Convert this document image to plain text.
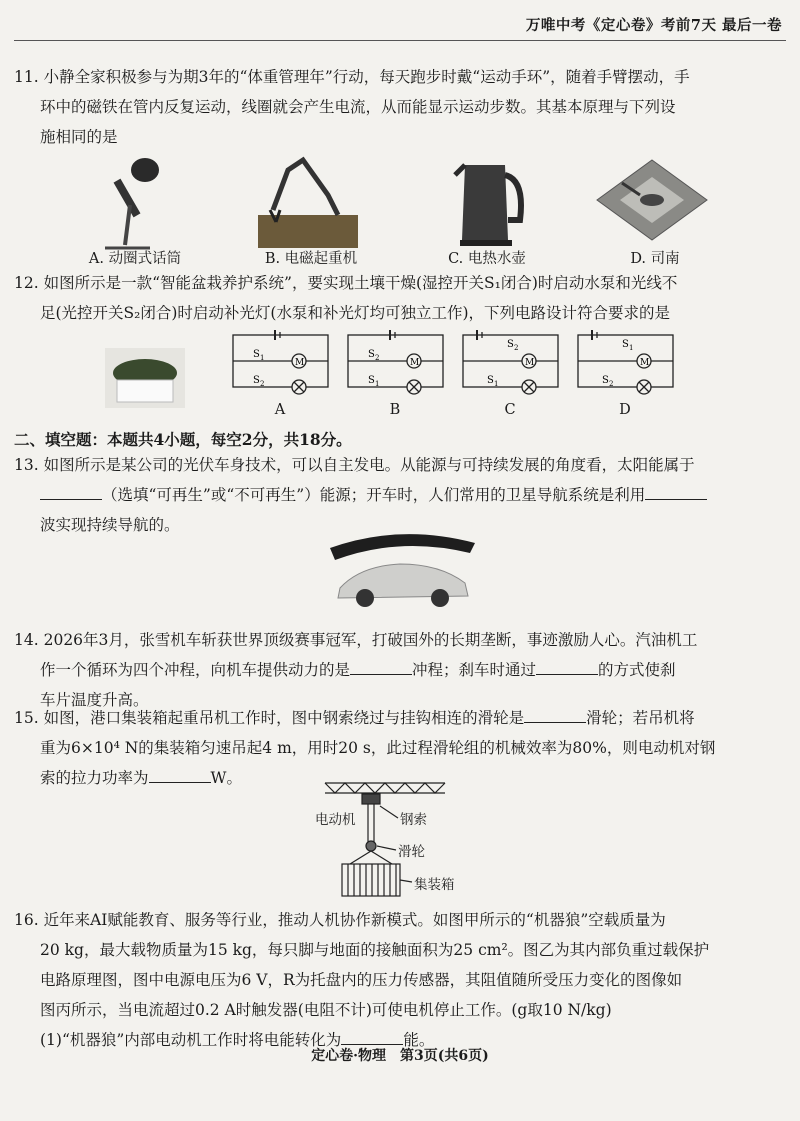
万唯中考《定心卷》考前7天 最后一卷
11. 小静全家积极参与为期3年的“体重管理年”行动，每天跑步时戴“运动手环”，随着手臂摆动，手
环中的磁铁在管内反复运动，线圈就会产生电流，从而能显示运动步数。其基本原理与下列设
施相同的是
A. 动圈式话筒	B. 电磁起重机	C. 电热水壶	D. 司南
12. 如图所示是一款“智能盆栽养护系统”，要实现土壤干燥(湿控开关S₁闭合)时启动水泵和光线不
足(光控开关S₂闭合)时启动补光灯(水泵和补光灯均可独立工作)，下列电路设计符合要求的是
S 1
S 2
M
S 2
S 1
M
S 2
S 1
M
S 1
S 2
M
A	B	C	D
二、填空题：本题共4小题，每空2分，共18分。
13. 如图所示是某公司的光伏车身技术，可以自主发电。从能源与可持续发展的角度看，太阳能属于
（选填“可再生”或“不可再生”）能源；开车时，人们常用的卫星导航系统是利用
波实现持续导航的。
14. 2026年3月，张雪机车斩获世界顶级赛事冠军，打破国外的长期垄断，事迹激励人心。汽油机工
作一个循环为四个冲程，向机车提供动力的是	冲程；刹车时通过	的方式使刹
车片温度升高。
15. 如图，港口集装箱起重吊机工作时，图中钢索绕过与挂钩相连的滑轮是	滑轮；若吊机将
重为6×10⁴ N的集装箱匀速吊起4 m，用时20 s，此过程滑轮组的机械效率为80%，则电动机对钢
索的拉力功率为	W。
电动机	钢索
滑轮
集装箱
16. 近年来AI赋能教育、服务等行业，推动人机协作新模式。如图甲所示的“机器狼”空载质量为
20 kg，最大载物质量为15 kg，每只脚与地面的接触面积为25 cm²。图乙为其内部负重过载保护
电路原理图，图中电源电压为6 V，R为托盘内的压力传感器，其阻值随所受压力变化的图像如
图丙所示，当电流超过0.2 A时触发器(电阻不计)可使电机停止工作。(g取10 N/kg)
(1)“机器狼”内部电动机工作时将电能转化为	能。
定心卷·物理　第3页(共6页)
